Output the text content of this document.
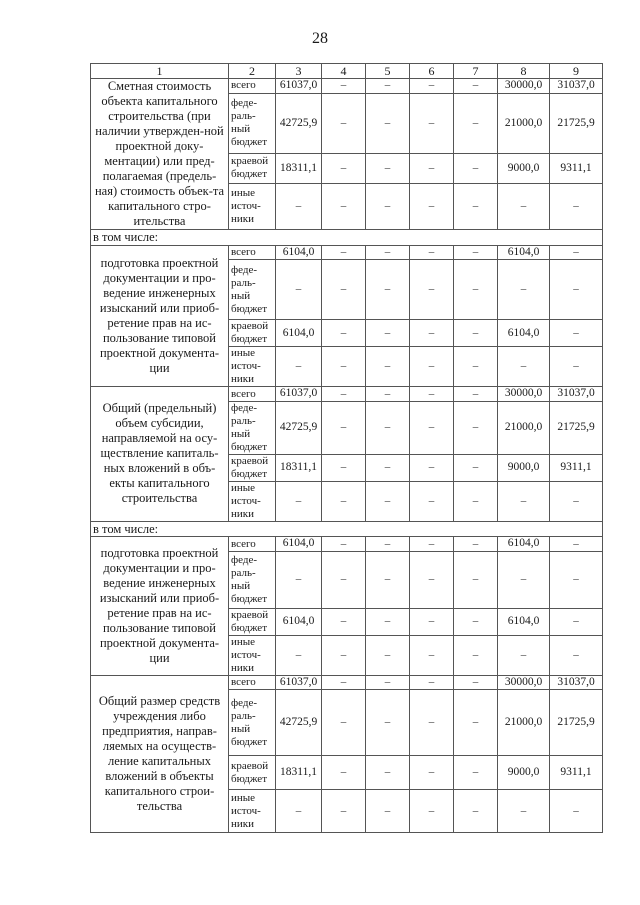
28
1	2	3	4	5	6	7	8	9
Сметная стоимость объекта капитального строительства (при наличии утвержден-ной проектной доку-ментации) или пред-полагаемая (предель-ная) стоимость объек-та капитального стро-ительства	всего	61037,0	–	–	–	–	30000,0	31037,0

	феде-
раль-
ный
бюджет	42725,9	–	–	–	–	21000,0	21725,9

	краевой
бюджет	18311,1	–	–	–	–	9000,0	9311,1

	иные
источ-
ники	–	–	–	–	–	–	–
в том числе:								
подготовка проектной документации и про-ведение инженерных изысканий или приоб-ретение прав на ис-пользование типовой проектной документа-ции	всего	6104,0	–	–	–	–	6104,0	–

	феде-
раль-
ный
бюджет	–	–	–	–	–	–	–

	краевой
бюджет	6104,0	–	–	–	–	6104,0	–

	иные
источ-
ники	–	–	–	–	–	–	–
Общий (предельный) объем субсидии, направляемой на осу-ществление капиталь-ных вложений в объ-екты капитального строительства	всего	61037,0	–	–	–	–	30000,0	31037,0

	феде-
раль-
ный
бюджет	42725,9	–	–	–	–	21000,0	21725,9

	краевой
бюджет	18311,1	–	–	–	–	9000,0	9311,1

	иные
источ-
ники	–	–	–	–	–	–	–
в том числе:								
подготовка проектной документации и про-ведение инженерных изысканий или приоб-ретение прав на ис-пользование типовой проектной документа-ции	всего	6104,0	–	–	–	–	6104,0	–

	феде-
раль-
ный
бюджет	–	–	–	–	–	–	–

	краевой
бюджет	6104,0	–	–	–	–	6104,0	–

	иные
источ-
ники	–	–	–	–	–	–	–
Общий размер средств учреждения либо предприятия, направ-ляемых на осуществ-ление капитальных вложений в объекты капитального строи-тельства	всего	61037,0	–	–	–	–	30000,0	31037,0

	феде-
раль-
ный
бюджет	42725,9	–	–	–	–	21000,0	21725,9

	краевой
бюджет	18311,1	–	–	–	–	9000,0	9311,1

	иные
источ-
ники	–	–	–	–	–	–	–
